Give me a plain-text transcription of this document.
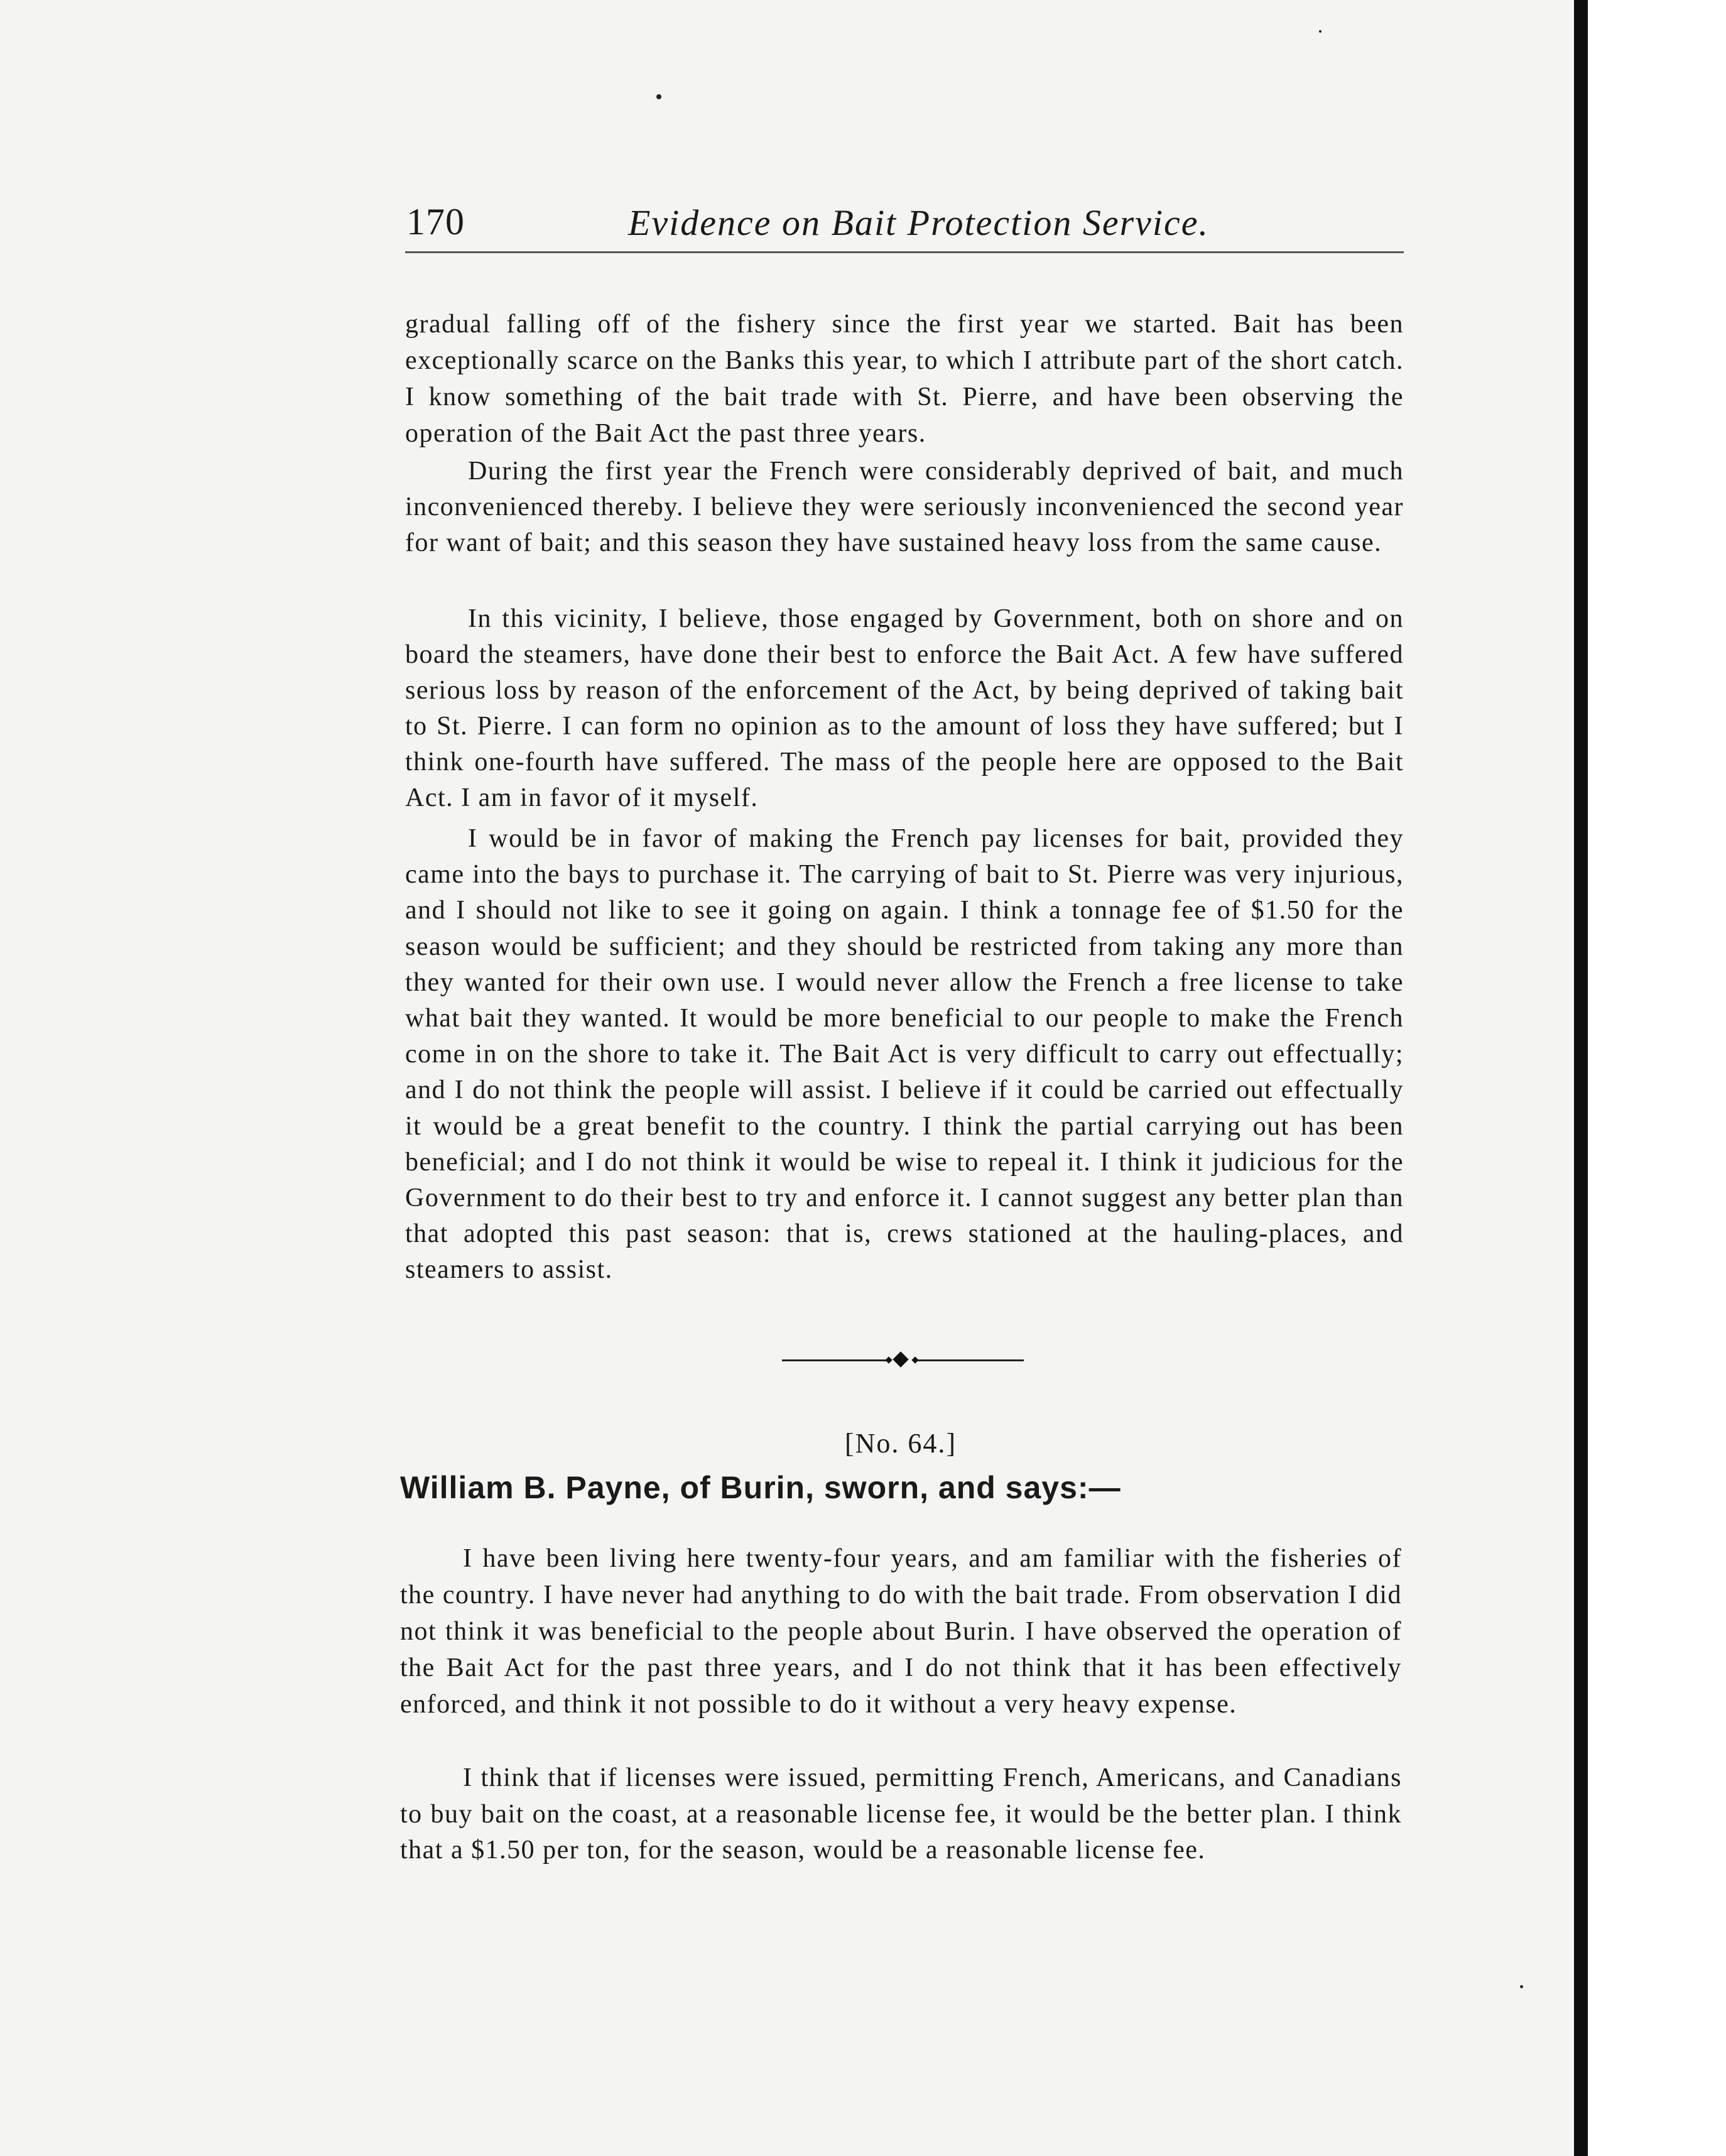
170	Evidence on Bait Protection Service.

gradual falling off of the fishery since the first year we started. Bait has been exceptionally scarce on the Banks this year, to which I attribute part of the short catch. I know something of the bait trade with St. Pierre, and have been observing the operation of the Bait Act the past three years.

During the first year the French were considerably deprived of bait, and much inconvenienced thereby. I believe they were seriously inconvenienced the second year for want of bait; and this season they have sustained heavy loss from the same cause.

In this vicinity, I believe, those engaged by Government, both on shore and on board the steamers, have done their best to enforce the Bait Act. A few have suffered serious loss by reason of the enforcement of the Act, by being deprived of taking bait to St. Pierre. I can form no opinion as to the amount of loss they have suffered; but I think one-fourth have suffered. The mass of the people here are opposed to the Bait Act. I am in favor of it myself.

I would be in favor of making the French pay licenses for bait, provided they came into the bays to purchase it. The carrying of bait to St. Pierre was very injurious, and I should not like to see it going on again. I think a tonnage fee of $1.50 for the season would be sufficient; and they should be restricted from taking any more than they wanted for their own use. I would never allow the French a free license to take what bait they wanted. It would be more beneficial to our people to make the French come in on the shore to take it. The Bait Act is very difficult to carry out effectually; and I do not think the people will assist. I believe if it could be carried out effectually it would be a great benefit to the country. I think the partial carrying out has been beneficial; and I do not think it would be wise to repeal it. I think it judicious for the Government to do their best to try and enforce it. I cannot suggest any better plan than that adopted this past season: that is, crews stationed at the hauling-places, and steamers to assist.

[No. 64.]
William B. Payne, of Burin, sworn, and says:—

I have been living here twenty-four years, and am familiar with the fisheries of the country. I have never had anything to do with the bait trade. From observation I did not think it was beneficial to the people about Burin. I have observed the operation of the Bait Act for the past three years, and I do not think that it has been effectively enforced, and think it not possible to do it without a very heavy expense.

I think that if licenses were issued, permitting French, Americans, and Canadians to buy bait on the coast, at a reasonable license fee, it would be the better plan. I think that a $1.50 per ton, for the season, would be a reasonable license fee.
